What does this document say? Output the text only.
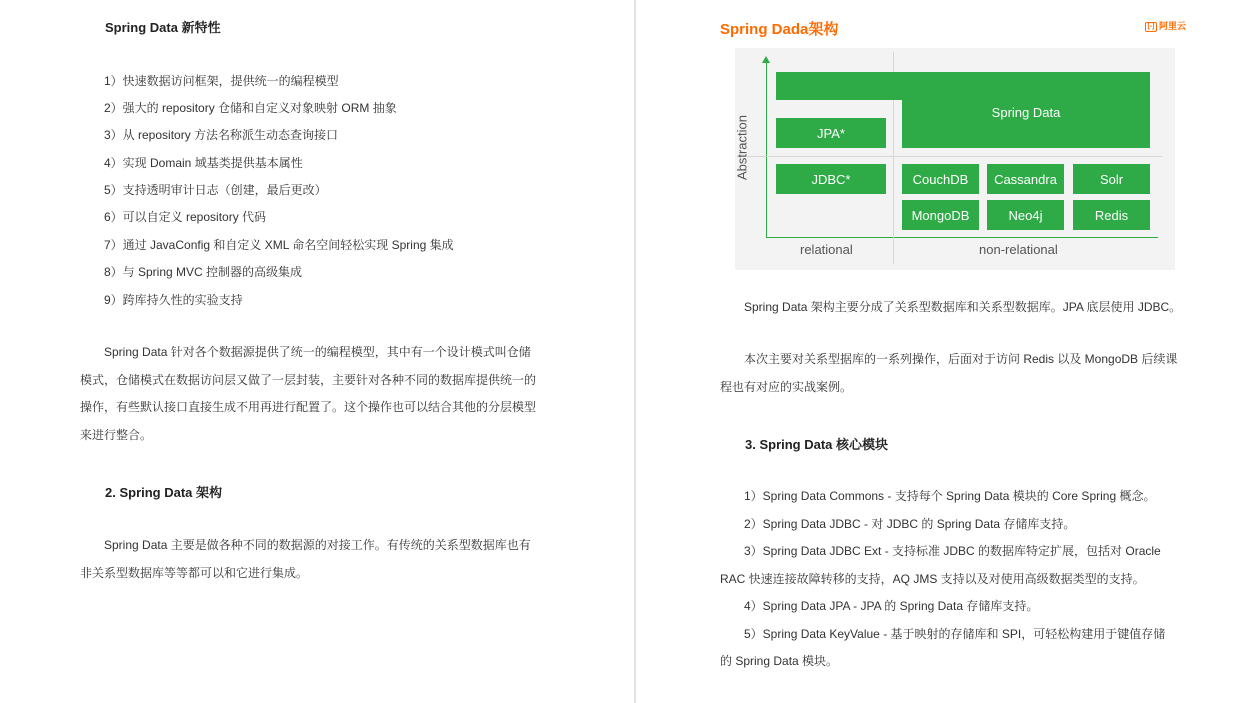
Spring Data 新特性

1）快速数据访问框架，提供统一的编程模型

2）强大的 repository 仓储和自定义对象映射 ORM 抽象

3）从 repository 方法名称派生动态查询接口

4）实现 Domain 域基类提供基本属性

5）支持透明审计日志（创建，最后更改）

6）可以自定义 repository 代码

7）通过 JavaConfig 和自定义 XML 命名空间轻松实现 Spring 集成

8）与 Spring MVC 控制器的高级集成

9）跨库持久性的实验支持

Spring Data 针对各个数据源提供了统一的编程模型，其中有一个设计模式叫仓储
模式，仓储模式在数据访问层又做了一层封装，主要针对各种不同的数据库提供统一的
操作，有些默认接口直接生成不用再进行配置了。这个操作也可以结合其他的分层模型
来进行整合。
2. Spring Data 架构
Spring Data 主要是做各种不同的数据源的对接工作。有传统的关系型数据库也有
非关系型数据库等等都可以和它进行集成。
Spring Dada架构	[-] 阿里云
Spring Data
JPA*
JDBC*	CouchDB Cassandra	Solr
MongoDB	Neo4j	Redis
Abstraction
relational	non-relational

Spring Data 架构主要分成了关系型数据库和关系型数据库。JPA 底层使用 JDBC。

本次主要对关系型据库的一系列操作，后面对于访问 Redis 以及 MongoDB 后续课
程也有对应的实战案例。
3. Spring Data 核心模块
1）Spring Data Commons - 支持每个 Spring Data 模块的 Core Spring 概念。
2）Spring Data JDBC - 对 JDBC 的 Spring Data 存储库支持。
3）Spring Data JDBC Ext - 支持标准 JDBC 的数据库特定扩展，包括对 Oracle
RAC 快速连接故障转移的支持，AQ JMS 支持以及对使用高级数据类型的支持。
4）Spring Data JPA - JPA 的 Spring Data 存储库支持。
5）Spring Data KeyValue - 基于映射的存储库和 SPI，可轻松构建用于键值存储
的 Spring Data 模块。
